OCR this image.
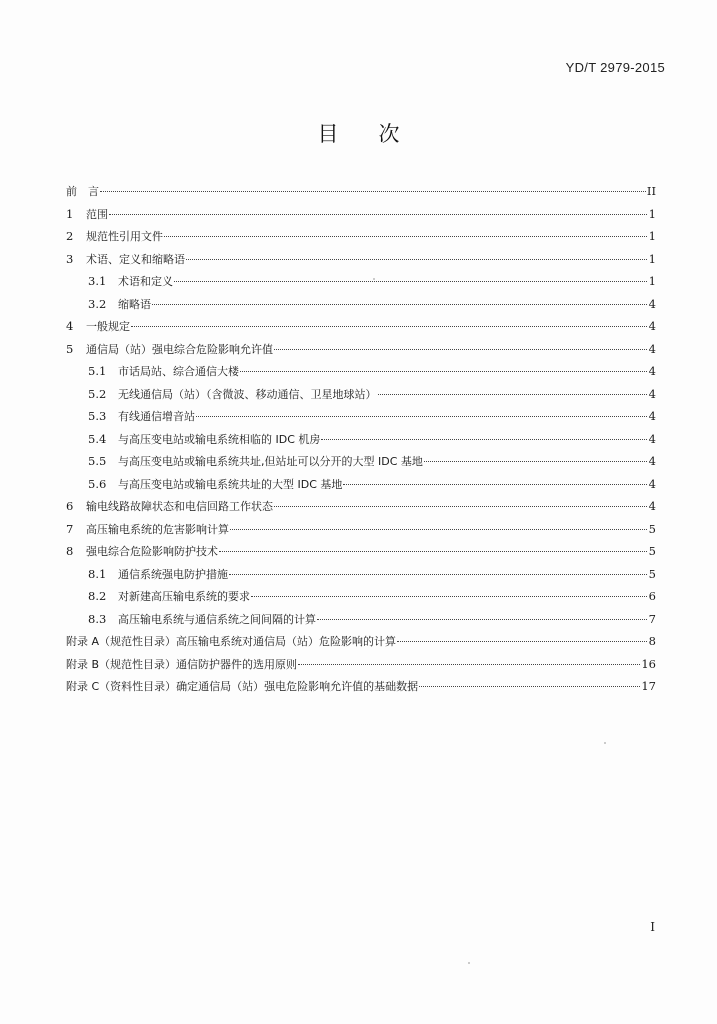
YD/T 2979-2015
目次
前　言	II
1	范围	1
2	规范性引用文件	1
3	术语、定义和缩略语	1
3.1	术语和定义	1
3.2	缩略语	4
4	一般规定	4
5	通信局（站）强电综合危险影响允许值	4
5.1	市话局站、综合通信大楼	4
5.2	无线通信局（站）（含微波、移动通信、卫星地球站）	4
5.3	有线通信增音站	4
5.4	与高压变电站或输电系统相临的 IDC 机房	4
5.5	与高压变电站或输电系统共址,但站址可以分开的大型 IDC 基地	4
5.6	与高压变电站或输电系统共址的大型 IDC 基地	4
6	输电线路故障状态和电信回路工作状态	4
7	高压输电系统的危害影响计算	5
8	强电综合危险影响防护技术	5
8.1	通信系统强电防护措施	5
8.2	对新建高压输电系统的要求	6
8.3	高压输电系统与通信系统之间间隔的计算	7
附录 A（规范性目录）高压输电系统对通信局（站）危险影响的计算	8
附录 B（规范性目录）通信防护器件的选用原则	16
附录 C（资料性目录）确定通信局（站）强电危险影响允许值的基础数据	17
I
